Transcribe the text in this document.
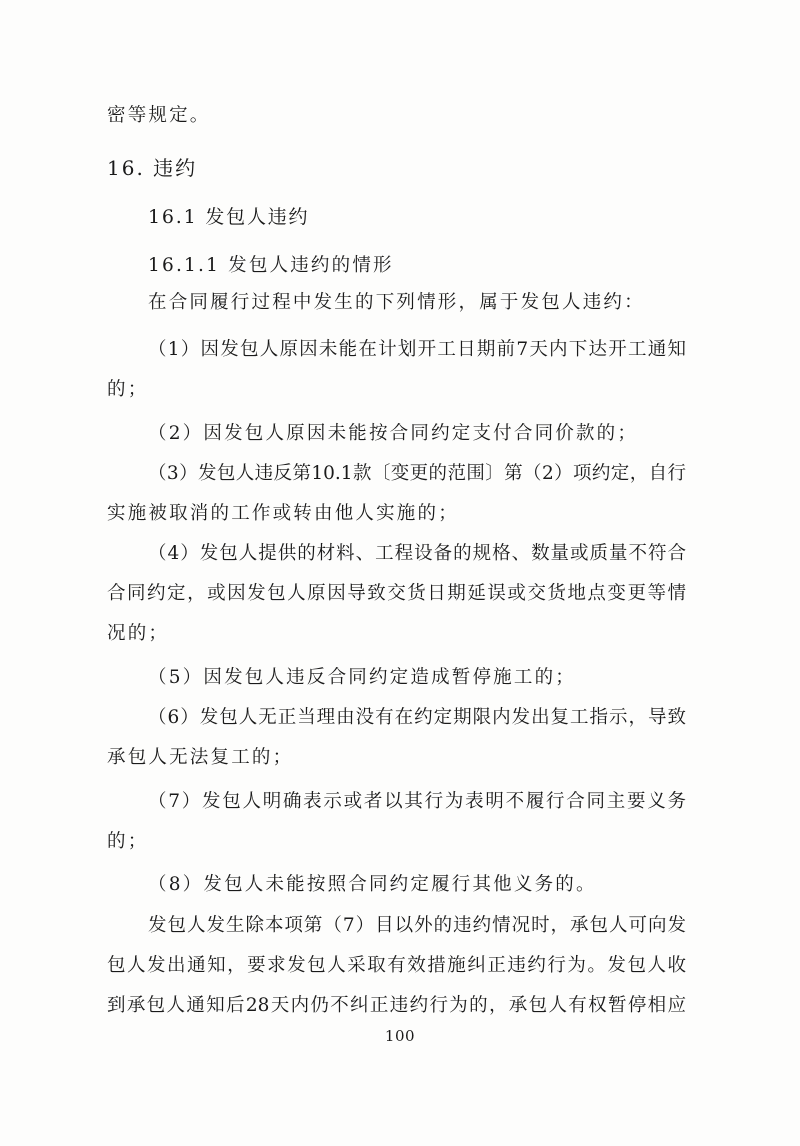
密等规定。
16. 违约
16.1 发包人违约
16.1.1 发包人违约的情形
在合同履行过程中发生的下列情形，属于发包人违约：
（1）因发包人原因未能在计划开工日期前7天内下达开工通知
的；
（2）因发包人原因未能按合同约定支付合同价款的；
（3）发包人违反第10.1款〔变更的范围〕第（2）项约定，自行
实施被取消的工作或转由他人实施的；
（4）发包人提供的材料、工程设备的规格、数量或质量不符合
合同约定，或因发包人原因导致交货日期延误或交货地点变更等情
况的；
（5）因发包人违反合同约定造成暂停施工的；
（6）发包人无正当理由没有在约定期限内发出复工指示，导致
承包人无法复工的；
（7）发包人明确表示或者以其行为表明不履行合同主要义务
的；
（8）发包人未能按照合同约定履行其他义务的。
发包人发生除本项第（7）目以外的违约情况时，承包人可向发
包人发出通知，要求发包人采取有效措施纠正违约行为。发包人收
到承包人通知后28天内仍不纠正违约行为的，承包人有权暂停相应
100
